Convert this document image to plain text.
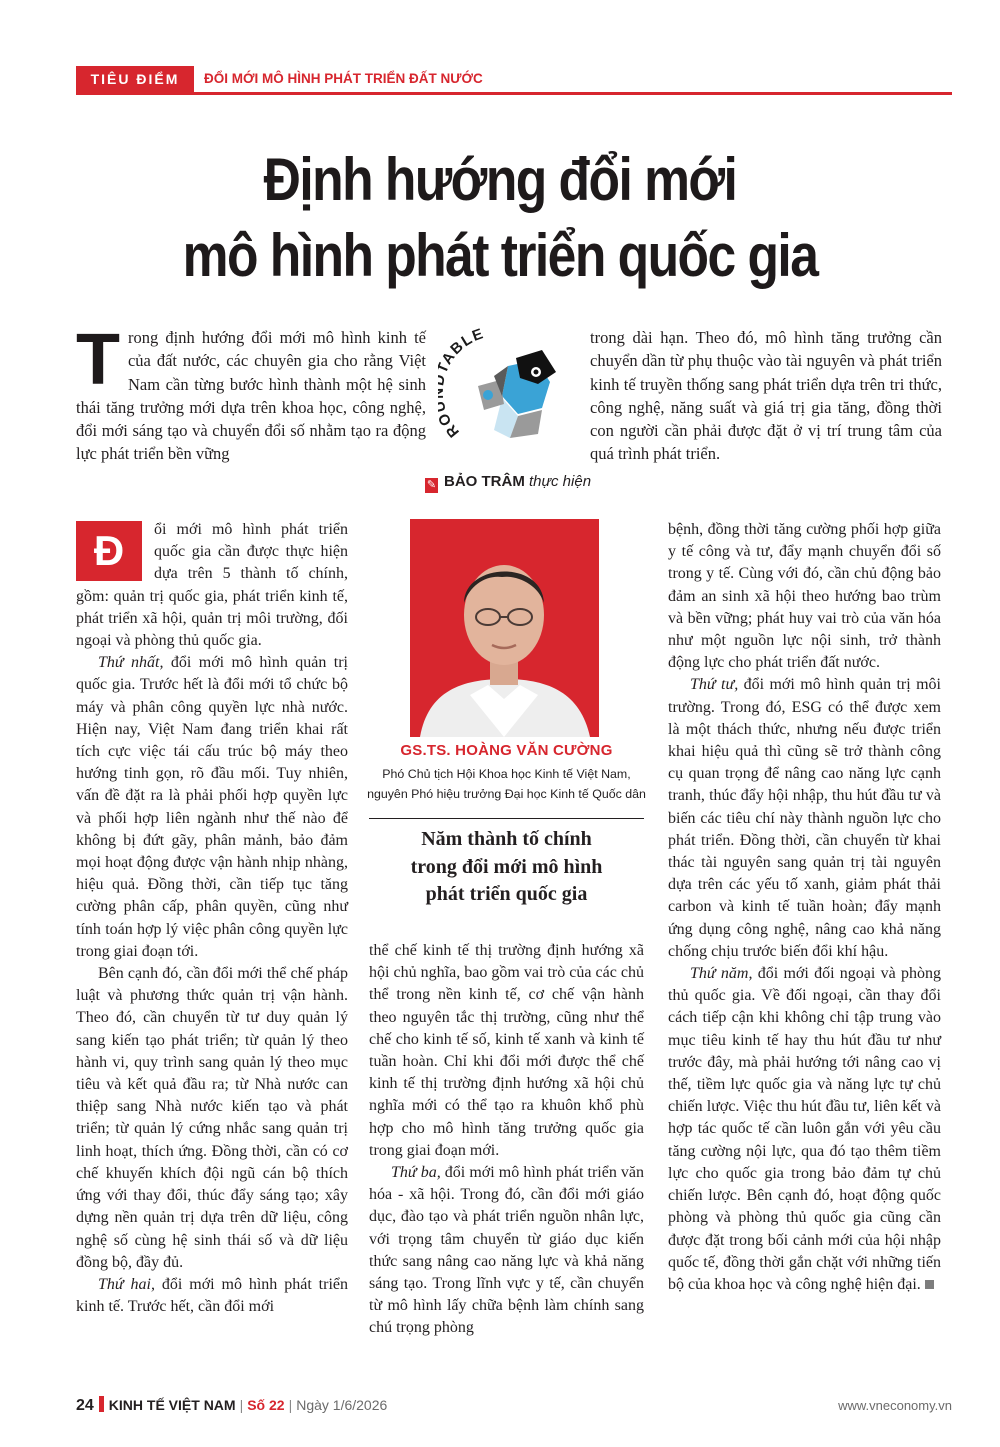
TIÊU ĐIỂM	ĐỔI MỚI MÔ HÌNH PHÁT TRIỂN ĐẤT NƯỚC
Định hướng đổi mới
mô hình phát triển quốc gia
Trong định hướng đổi mới mô hình kinh tế của đất nước, các chuyên gia cho rằng Việt Nam cần từng bước hình thành một hệ sinh thái tăng trưởng mới dựa trên khoa học, công nghệ, đổi mới sáng tạo và chuyển đổi số nhằm tạo ra động lực phát triển bền vững
R ABLE	trong dài hạn. Theo đó, mô hình tăng trưởng cần chuyển dần từ phụ thuộc vào tài nguyên và phát triển kinh tế truyền thống sang phát triển dựa trên tri thức, công nghệ, năng suất và giá trị gia tăng, đồng thời con người cần phải được đặt ở vị trí trung tâm của quá trình phát triển.
✎ BẢO TRÂM thực hiện

Đ	ổi mới mô hình phát triển quốc gia cần được thực hiện dựa trên 5 thành tố chính, gồm: quản trị quốc gia, phát triển kinh tế, phát triển xã hội, quản trị môi trường, đối ngoại và phòng thủ quốc gia.

Thứ nhất, đổi mới mô hình quản trị quốc gia. Trước hết là đổi mới tổ chức bộ máy và phân công quyền lực nhà nước. Hiện nay, Việt Nam đang triển khai rất tích cực việc tái cấu trúc bộ máy theo hướng tinh gọn, rõ đầu mối. Tuy nhiên, vấn đề đặt ra là phải phối hợp quyền lực và phối hợp liên ngành như thế nào để không bị đứt gãy, phân mảnh, bảo đảm mọi hoạt động được vận hành nhịp nhàng, hiệu quả. Đồng thời, cần tiếp tục tăng cường phân cấp, phân quyền, cũng như tính toán hợp lý việc phân công quyền lực trong giai đoạn tới.

Bên cạnh đó, cần đổi mới thể chế pháp luật và phương thức quản trị vận hành. Theo đó, cần chuyển từ tư duy quản lý sang kiến tạo phát triển; từ quản lý theo hành vi, quy trình sang quản lý theo mục tiêu và kết quả đầu ra; từ Nhà nước can thiệp sang Nhà nước kiến tạo và phát triển; từ quản lý cứng nhắc sang quản trị linh hoạt, thích ứng. Đồng thời, cần có cơ chế khuyến khích đội ngũ cán bộ thích ứng với thay đổi, thúc đẩy sáng tạo; xây dựng nền quản trị dựa trên dữ liệu, công nghệ số cùng hệ sinh thái số và dữ liệu đồng bộ, đầy đủ.

Thứ hai, đổi mới mô hình phát triển kinh tế. Trước hết, cần đổi mới

GS.TS. HOÀNG VĂN CƯỜNG
Phó Chủ tịch Hội Khoa học Kinh tế Việt Nam,
nguyên Phó hiệu trưởng Đại học Kinh tế Quốc dân
Năm thành tố chính
trong đổi mới mô hình
phát triển quốc gia

thể chế kinh tế thị trường định hướng xã hội chủ nghĩa, bao gồm vai trò của các chủ thể trong nền kinh tế, cơ chế vận hành theo nguyên tắc thị trường, cũng như thể chế cho kinh tế số, kinh tế xanh và kinh tế tuần hoàn. Chỉ khi đổi mới được thể chế kinh tế thị trường định hướng xã hội chủ nghĩa mới có thể tạo ra khuôn khổ phù hợp cho mô hình tăng trưởng quốc gia trong giai đoạn mới.

Thứ ba, đổi mới mô hình phát triển văn hóa - xã hội. Trong đó, cần đổi mới giáo dục, đào tạo và phát triển nguồn nhân lực, với trọng tâm chuyển từ giáo dục kiến thức sang nâng cao năng lực và khả năng sáng tạo. Trong lĩnh vực y tế, cần chuyển từ mô hình lấy chữa bệnh làm chính sang chú trọng phòng

bệnh, đồng thời tăng cường phối hợp giữa y tế công và tư, đẩy mạnh chuyển đổi số trong y tế. Cùng với đó, cần chủ động bảo đảm an sinh xã hội theo hướng bao trùm và bền vững; phát huy vai trò của văn hóa như một nguồn lực nội sinh, trở thành động lực cho phát triển đất nước.

Thứ tư, đổi mới mô hình quản trị môi trường. Trong đó, ESG có thể được xem là một thách thức, nhưng nếu được triển khai hiệu quả thì cũng sẽ trở thành công cụ quan trọng để nâng cao năng lực cạnh tranh, thúc đẩy hội nhập, thu hút đầu tư và biến các tiêu chí này thành nguồn lực cho phát triển. Đồng thời, cần chuyển từ khai thác tài nguyên sang quản trị tài nguyên dựa trên các yếu tố xanh, giảm phát thải carbon và kinh tế tuần hoàn; đẩy mạnh ứng dụng công nghệ, nâng cao khả năng chống chịu trước biến đổi khí hậu.

Thứ năm, đổi mới đối ngoại và phòng thủ quốc gia. Về đối ngoại, cần thay đổi cách tiếp cận khi không chỉ tập trung vào mục tiêu kinh tế hay thu hút đầu tư như trước đây, mà phải hướng tới nâng cao vị thế, tiềm lực quốc gia và năng lực tự chủ chiến lược. Việc thu hút đầu tư, liên kết và hợp tác quốc tế cần luôn gắn với yêu cầu tăng cường nội lực, qua đó tạo thêm tiềm lực cho quốc gia trong bảo đảm tự chủ chiến lược. Bên cạnh đó, hoạt động quốc phòng và phòng thủ quốc gia cũng cần được đặt trong bối cảnh mới của hội nhập quốc tế, đồng thời gắn chặt với những tiến bộ của khoa học và công nghệ hiện đại.

24 KINH TẾ VIỆT NAM | Số 22 | Ngày 1/6/2026	www.vneconomy.vn
